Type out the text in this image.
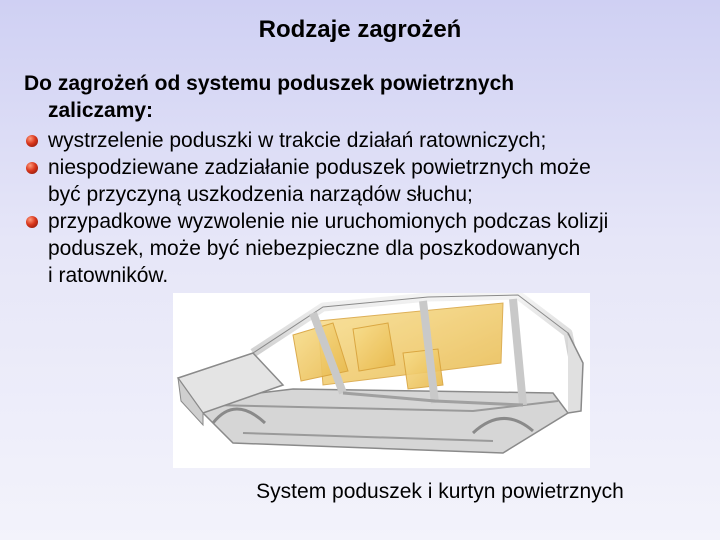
Rodzaje zagrożeń
Do zagrożeń od systemu poduszek powietrznych

zaliczamy:
wystrzelenie poduszki w trakcie działań ratowniczych;
niespodziewane zadziałanie poduszek powietrznych może
być przyczyną uszkodzenia narządów słuchu;
przypadkowe wyzwolenie nie uruchomionych podczas kolizji
poduszek, może być niebezpieczne dla poszkodowanych
i ratowników.
System poduszek i kurtyn powietrznych
